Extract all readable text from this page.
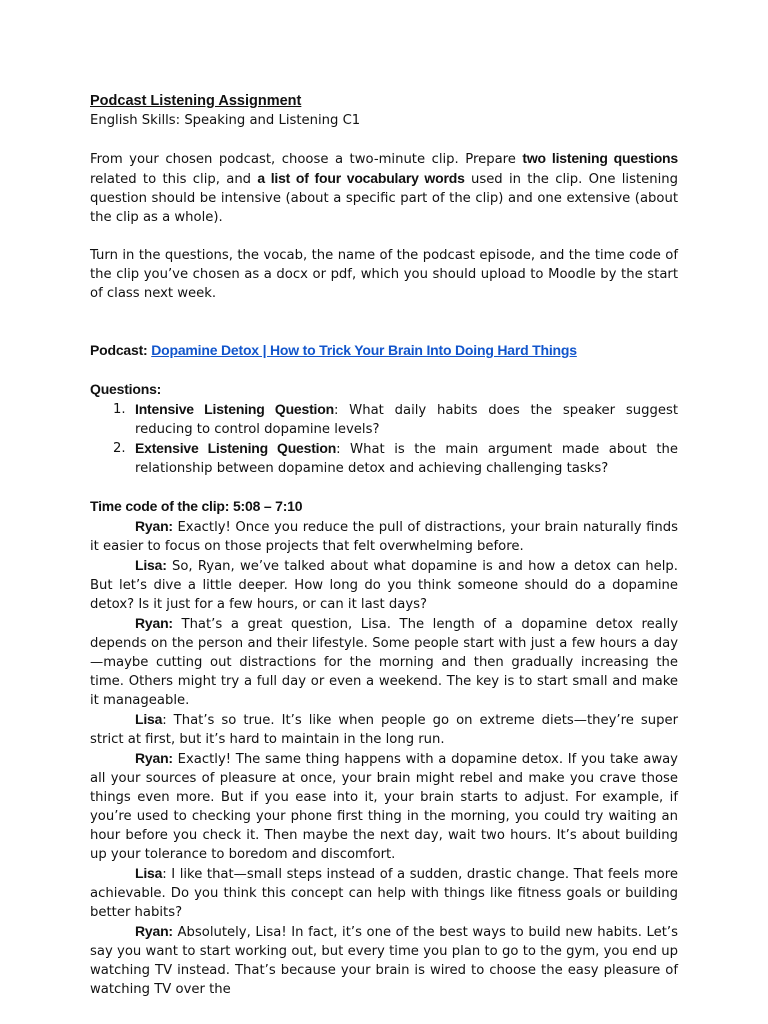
Podcast Listening Assignment

English Skills: Speaking and Listening C1

From your chosen podcast, choose a two-minute clip. Prepare two listening questions related to this clip, and a list of four vocabulary words used in the clip. One listening question should be intensive (about a specific part of the clip) and one extensive (about the clip as a whole).

Turn in the questions, the vocab, the name of the podcast episode, and the time code of the clip you’ve chosen as a docx or pdf, which you should upload to Moodle by the start of class next week.

Podcast: Dopamine Detox | How to Trick Your Brain Into Doing Hard Things

Questions:

1. Intensive Listening Question: What daily habits does the speaker suggest reducing to control dopamine levels?
2. Extensive Listening Question: What is the main argument made about the relationship between dopamine detox and achieving challenging tasks?

Time code of the clip: 5:08 – 7:10

Ryan: Exactly! Once you reduce the pull of distractions, your brain naturally finds it easier to focus on those projects that felt overwhelming before.

Lisa: So, Ryan, we’ve talked about what dopamine is and how a detox can help. But let’s dive a little deeper. How long do you think someone should do a dopamine detox? Is it just for a few hours, or can it last days?

Ryan: That’s a great question, Lisa. The length of a dopamine detox really depends on the person and their lifestyle. Some people start with just a few hours a day—maybe cutting out distractions for the morning and then gradually increasing the time. Others might try a full day or even a weekend. The key is to start small and make it manageable.

Lisa: That’s so true. It’s like when people go on extreme diets—they’re super strict at first, but it’s hard to maintain in the long run.

Ryan: Exactly! The same thing happens with a dopamine detox. If you take away all your sources of pleasure at once, your brain might rebel and make you crave those things even more. But if you ease into it, your brain starts to adjust. For example, if you’re used to checking your phone first thing in the morning, you could try waiting an hour before you check it. Then maybe the next day, wait two hours. It’s about building up your tolerance to boredom and discomfort.

Lisa: I like that—small steps instead of a sudden, drastic change. That feels more achievable. Do you think this concept can help with things like fitness goals or building better habits?

Ryan: Absolutely, Lisa! In fact, it’s one of the best ways to build new habits. Let’s say you want to start working out, but every time you plan to go to the gym, you end up watching TV instead. That’s because your brain is wired to choose the easy pleasure of watching TV over the
